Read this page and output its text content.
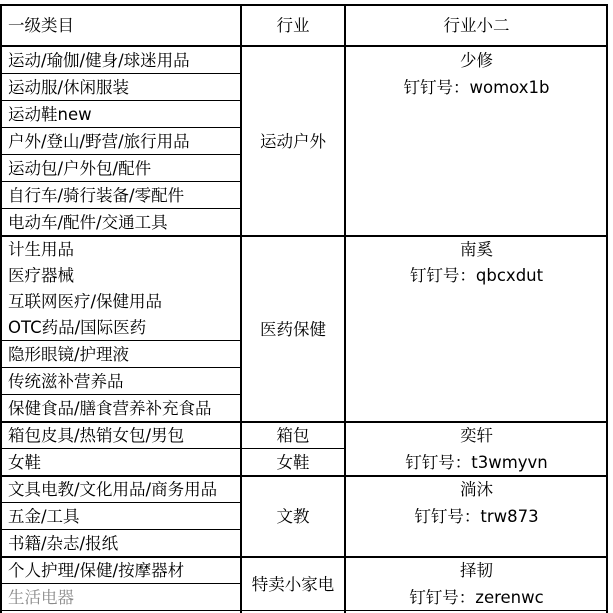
一级类目	行业	行业小二
运动/瑜伽/健身/球迷用品
运动服/休闲服装
运动鞋new
户外/登山/野营/旅行用品
运动包/户外包/配件
自行车/骑行装备/零配件
电动车/配件/交通工具
运动户外
少修
钉钉号：womox1b
计生用品
医疗器械
互联网医疗/保健用品
OTC药品/国际医药
隐形眼镜/护理液
传统滋补营养品
保健食品/膳食营养补充食品
医药保健
南奚
钉钉号：qbcxdut
箱包皮具/热销女包/男包
女鞋
箱包
女鞋
奕轩
钉钉号：t3wmyvn
文具电教/文化用品/商务用品
五金/工具
书籍/杂志/报纸
文教
淌沐
钉钉号：trw873
个人护理/保健/按摩器材
生活电器
特卖小家电
择韧
钉钉号：zerenwc
